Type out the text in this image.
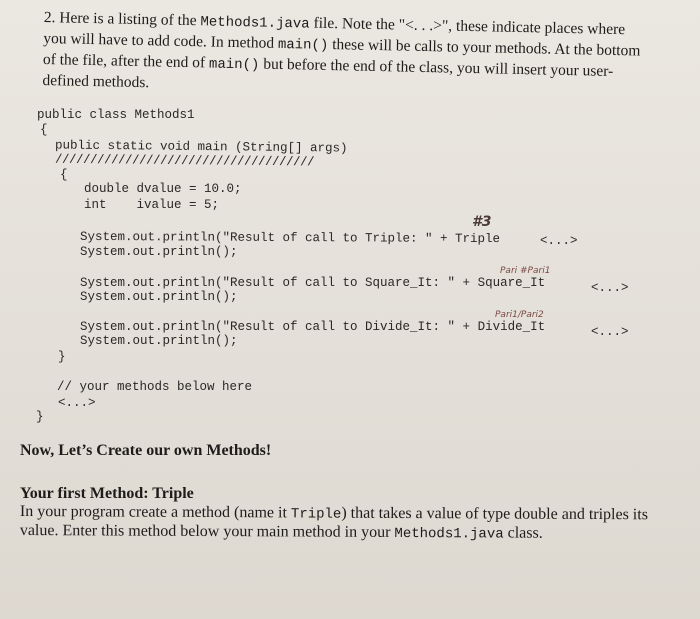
2. Here is a listing of the Methods1.java file. Note the "<. . .>", these indicate places where

you will have to add code. In method main() these will be calls to your methods. At the bottom

of the file, after the end of main() but before the end of the class, you will insert your user-

defined methods.

public class Methods1
{
public static void main (String[] args)
/////////////////////////////////////
{
double dvalue = 10.0;
int    ivalue = 5;
System.out.println("Result of call to Triple: " + Triple	<...>
System.out.println();
System.out.println("Result of call to Square_It: " + Square_It	<...>
System.out.println();
System.out.println("Result of call to Divide_It: " + Divide_It	<...>
System.out.println();
}
// your methods below here
<...>
}
#3
Pari #Pari1
Pari1/Pari2
Now, Let’s Create our own Methods!
Your first Method: Triple
In your program create a method (name it Triple) that takes a value of type double and triples its
value. Enter this method below your main method in your Methods1.java class.
